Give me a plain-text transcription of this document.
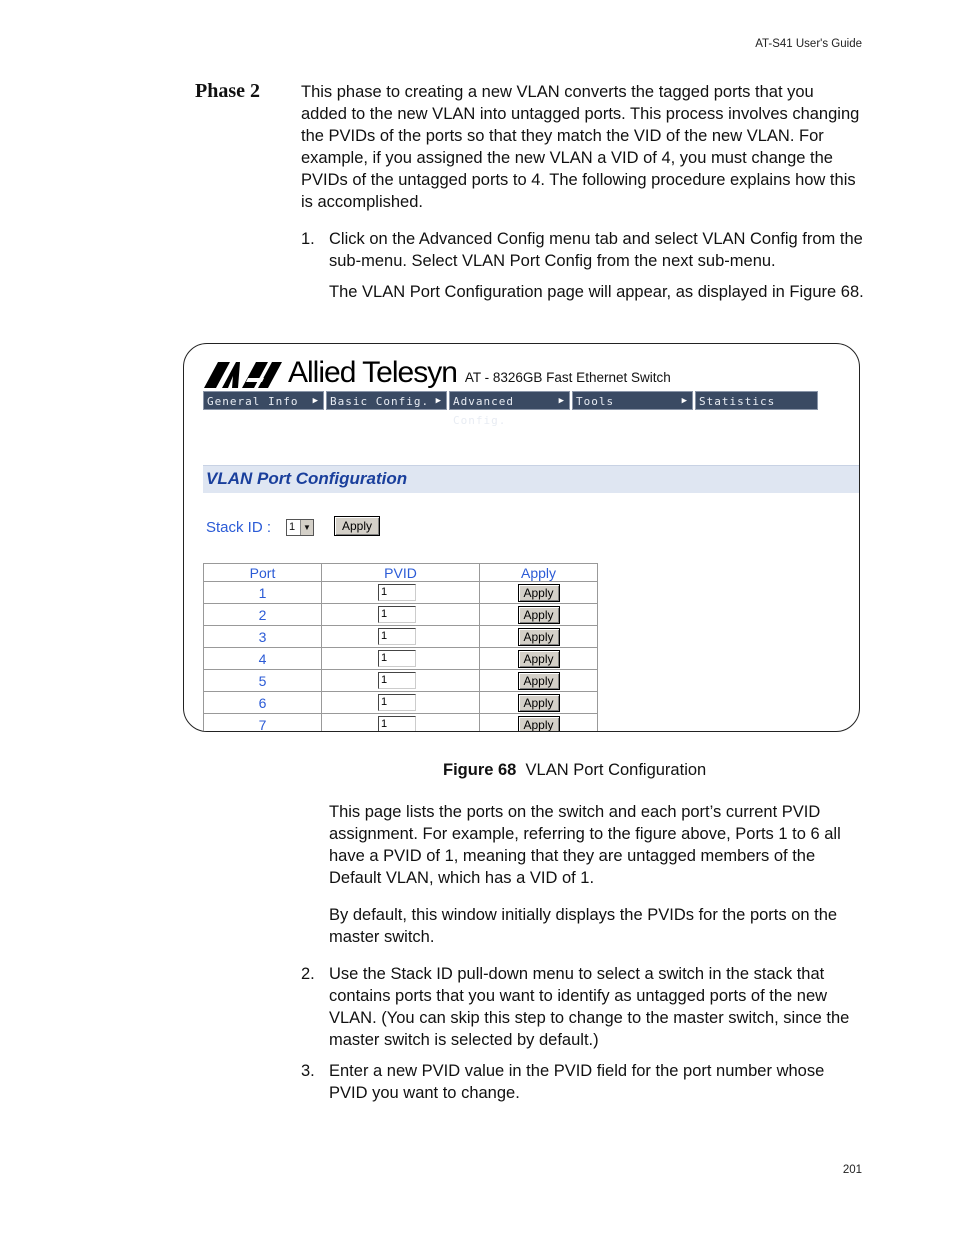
AT-S41 User's Guide
Phase 2 This phase to creating a new VLAN converts the tagged ports that you added to the new VLAN into untagged ports. This process involves changing the PVIDs of the ports so that they match the VID of the new VLAN. For example, if you assigned the new VLAN a VID of 4, you must change the PVIDs of the untagged ports to 4. The following procedure explains how this is accomplished.
1. Click on the Advanced Config menu tab and select VLAN Config from the sub-menu. Select VLAN Port Config from the next sub-menu.
The VLAN Port Configuration page will appear, as displayed in Figure 68.
Allied Telesyn AT - 8326GB Fast Ethernet Switch
General Info ▶	Basic Config. ▶	Advanced Config.
▶	Tools	▶	Statistics
VLAN Port Configuration
Stack ID : 1 ▼	Apply
Port	PVID	Apply
1	1	Apply
2	1	Apply
3	1	Apply
4	1	Apply
5	1	Apply
6	1	Apply
7	1	Apply
Figure 68 VLAN Port Configuration
This page lists the ports on the switch and each port’s current PVID assignment. For example, referring to the figure above, Ports 1 to 6 all have a PVID of 1, meaning that they are untagged members of the Default VLAN, which has a VID of 1.
By default, this window initially displays the PVIDs for the ports on the master switch.
2. Use the Stack ID pull-down menu to select a switch in the stack that contains ports that you want to identify as untagged ports of the new VLAN. (You can skip this step to change to the master switch, since the master switch is selected by default.)
3. Enter a new PVID value in the PVID field for the port number whose PVID you want to change.
201
